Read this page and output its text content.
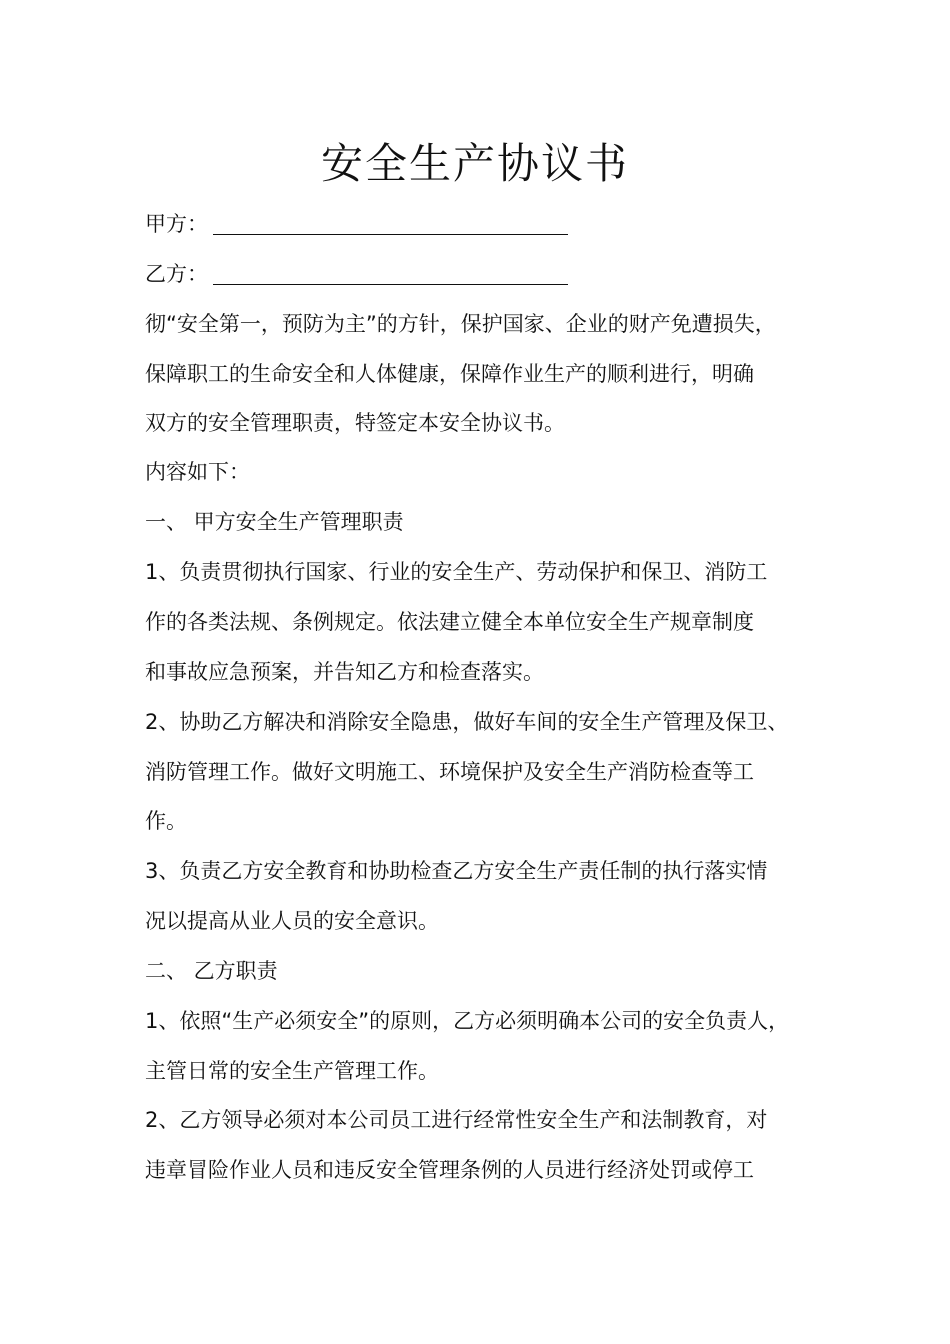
安全生产协议书
甲方：
乙方：

彻“安全第一，预防为主”的方针，保护国家、企业的财产免遭损失，

保障职工的生命安全和人体健康，保障作业生产的顺利进行，明确

双方的安全管理职责，特签定本安全协议书。

内容如下：

一、 甲方安全生产管理职责

1、负责贯彻执行国家、行业的安全生产、劳动保护和保卫、消防工

作的各类法规、条例规定。依法建立健全本单位安全生产规章制度

和事故应急预案，并告知乙方和检查落实。

2、协助乙方解决和消除安全隐患，做好车间的安全生产管理及保卫、

消防管理工作。做好文明施工、环境保护及安全生产消防检查等工

作。

3、负责乙方安全教育和协助检查乙方安全生产责任制的执行落实情

况以提高从业人员的安全意识。

二、 乙方职责

1、依照“生产必须安全”的原则，乙方必须明确本公司的安全负责人，

主管日常的安全生产管理工作。

2、乙方领导必须对本公司员工进行经常性安全生产和法制教育，对

违章冒险作业人员和违反安全管理条例的人员进行经济处罚或停工
